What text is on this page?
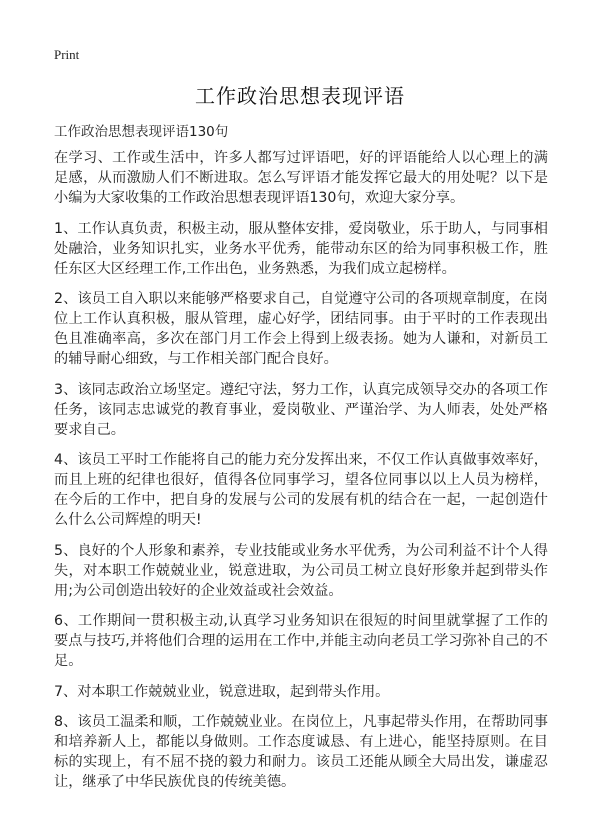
Print
工作政治思想表现评语
工作政治思想表现评语130句

在学习、工作或生活中，许多人都写过评语吧，好的评语能给人以心理上的满足感，从而激励人们不断进取。怎么写评语才能发挥它最大的用处呢？以下是小编为大家收集的工作政治思想表现评语130句，欢迎大家分享。

1、工作认真负责，积极主动，服从整体安排，爱岗敬业，乐于助人，与同事相处融洽，业务知识扎实，业务水平优秀，能带动东区的给为同事积极工作，胜任东区大区经理工作,工作出色，业务熟悉，为我们成立起榜样。

2、该员工自入职以来能够严格要求自己，自觉遵守公司的各项规章制度，在岗位上工作认真积极，服从管理，虚心好学，团结同事。由于平时的工作表现出色且准确率高，多次在部门月工作会上得到上级表扬。她为人谦和，对新员工的辅导耐心细致，与工作相关部门配合良好。

3、该同志政治立场坚定。遵纪守法，努力工作，认真完成领导交办的各项工作任务，该同志忠诚党的教育事业，爱岗敬业、严谨治学、为人师表，处处严格要求自己。

4、该员工平时工作能将自己的能力充分发挥出来，不仅工作认真做事效率好，而且上班的纪律也很好，值得各位同事学习，望各位同事以以上人员为榜样，在今后的工作中，把自身的发展与公司的发展有机的结合在一起，一起创造什么什么公司辉煌的明天!

5、良好的个人形象和素养，专业技能或业务水平优秀，为公司利益不计个人得失，对本职工作兢兢业业，锐意进取，为公司员工树立良好形象并起到带头作用;为公司创造出较好的企业效益或社会效益。

6、工作期间一贯积极主动,认真学习业务知识在很短的时间里就掌握了工作的要点与技巧,并将他们合理的运用在工作中,并能主动向老员工学习弥补自己的不足。

7、对本职工作兢兢业业，锐意进取，起到带头作用。

8、该员工温柔和顺，工作兢兢业业。在岗位上，凡事起带头作用，在帮助同事和培养新人上，都能以身做则。工作态度诚恳、有上进心，能坚持原则。在目标的实现上，有不屈不挠的毅力和耐力。该员工还能从顾全大局出发，谦虚忍让，继承了中华民族优良的传统美德。
